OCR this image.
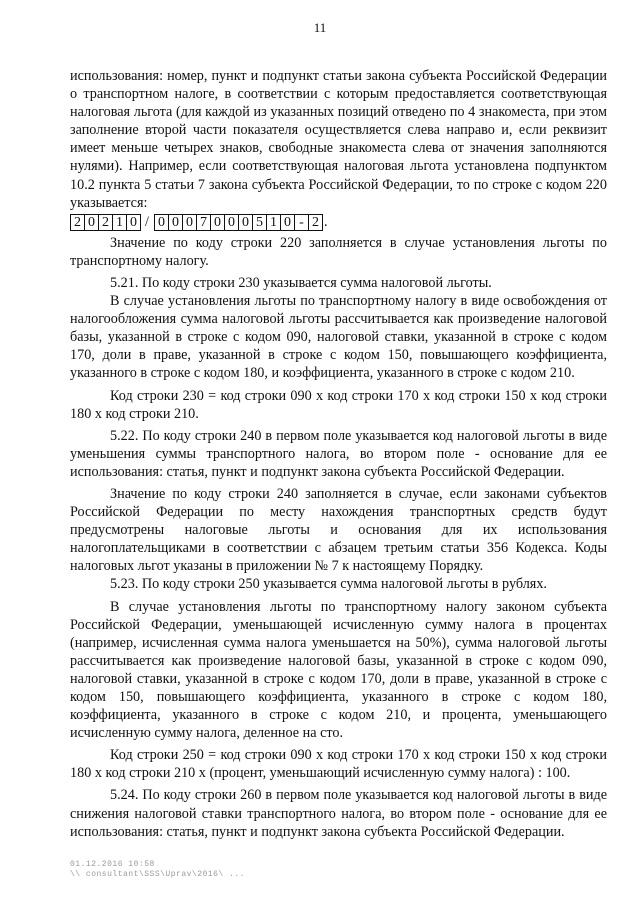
11

использования: номер, пункт и подпункт статьи закона субъекта Российской Федерации о транспортном налоге, в соответствии с которым предоставляется соответствующая налоговая льгота (для каждой из указанных позиций отведено по 4 знакоместа, при этом заполнение второй части показателя осуществляется слева направо и, если реквизит имеет меньше четырех знаков, свободные знакоместа слева от значения заполняются нулями). Например, если соответствующая налоговая льгота установлена подпунктом 10.2 пункта 5 статьи 7 закона субъекта Российской Федерации, то по строке с кодом 220 указывается:

2 0 2 1 0 / 0 0 0 7 0 0 0 5 1 0 - 2 .

Значение по коду строки 220 заполняется в случае установления льготы по транспортному налогу.

5.21. По коду строки 230 указывается сумма налоговой льготы.

В случае установления льготы по транспортному налогу в виде освобождения от налогообложения сумма налоговой льготы рассчитывается как произведение налоговой базы, указанной в строке с кодом 090, налоговой ставки, указанной в строке с кодом 170, доли в праве, указанной в строке с кодом 150, повышающего коэффициента, указанного в строке с кодом 180, и коэффициента, указанного в строке с кодом 210.

Код строки 230 = код строки 090 х код строки 170 х код строки 150 х код строки 180 х код строки 210.

5.22. По коду строки 240 в первом поле указывается код налоговой льготы в виде уменьшения суммы транспортного налога, во втором поле - основание для ее использования: статья, пункт и подпункт закона субъекта Российской Федерации.

Значение по коду строки 240 заполняется в случае, если законами субъектов Российской Федерации по месту нахождения транспортных средств будут предусмотрены налоговые льготы и основания для их использования налогоплательщиками в соответствии с абзацем третьим статьи 356 Кодекса. Коды налоговых льгот указаны в приложении № 7 к настоящему Порядку.

5.23. По коду строки 250 указывается сумма налоговой льготы в рублях.

В случае установления льготы по транспортному налогу законом субъекта Российской Федерации, уменьшающей исчисленную сумму налога в процентах (например, исчисленная сумма налога уменьшается на 50%), сумма налоговой льготы рассчитывается как произведение налоговой базы, указанной в строке с кодом 090, налоговой ставки, указанной в строке с кодом 170, доли в праве, указанной в строке с кодом 150, повышающего коэффициента, указанного в строке с кодом 180, коэффициента, указанного в строке с кодом 210, и процента, уменьшающего исчисленную сумму налога, деленное на сто.

Код строки 250 = код строки 090 х код строки 170 х код строки 150 х код строки 180 х код строки 210 х (процент, уменьшающий исчисленную сумму налога) : 100.

5.24. По коду строки 260 в первом поле указывается код налоговой льготы в виде снижения налоговой ставки транспортного налога, во втором поле - основание для ее использования: статья, пункт и подпункт закона субъекта Российской Федерации.

01.12.2016 10:58
\\ consultant\SSS\Uprav\2016\ ...
